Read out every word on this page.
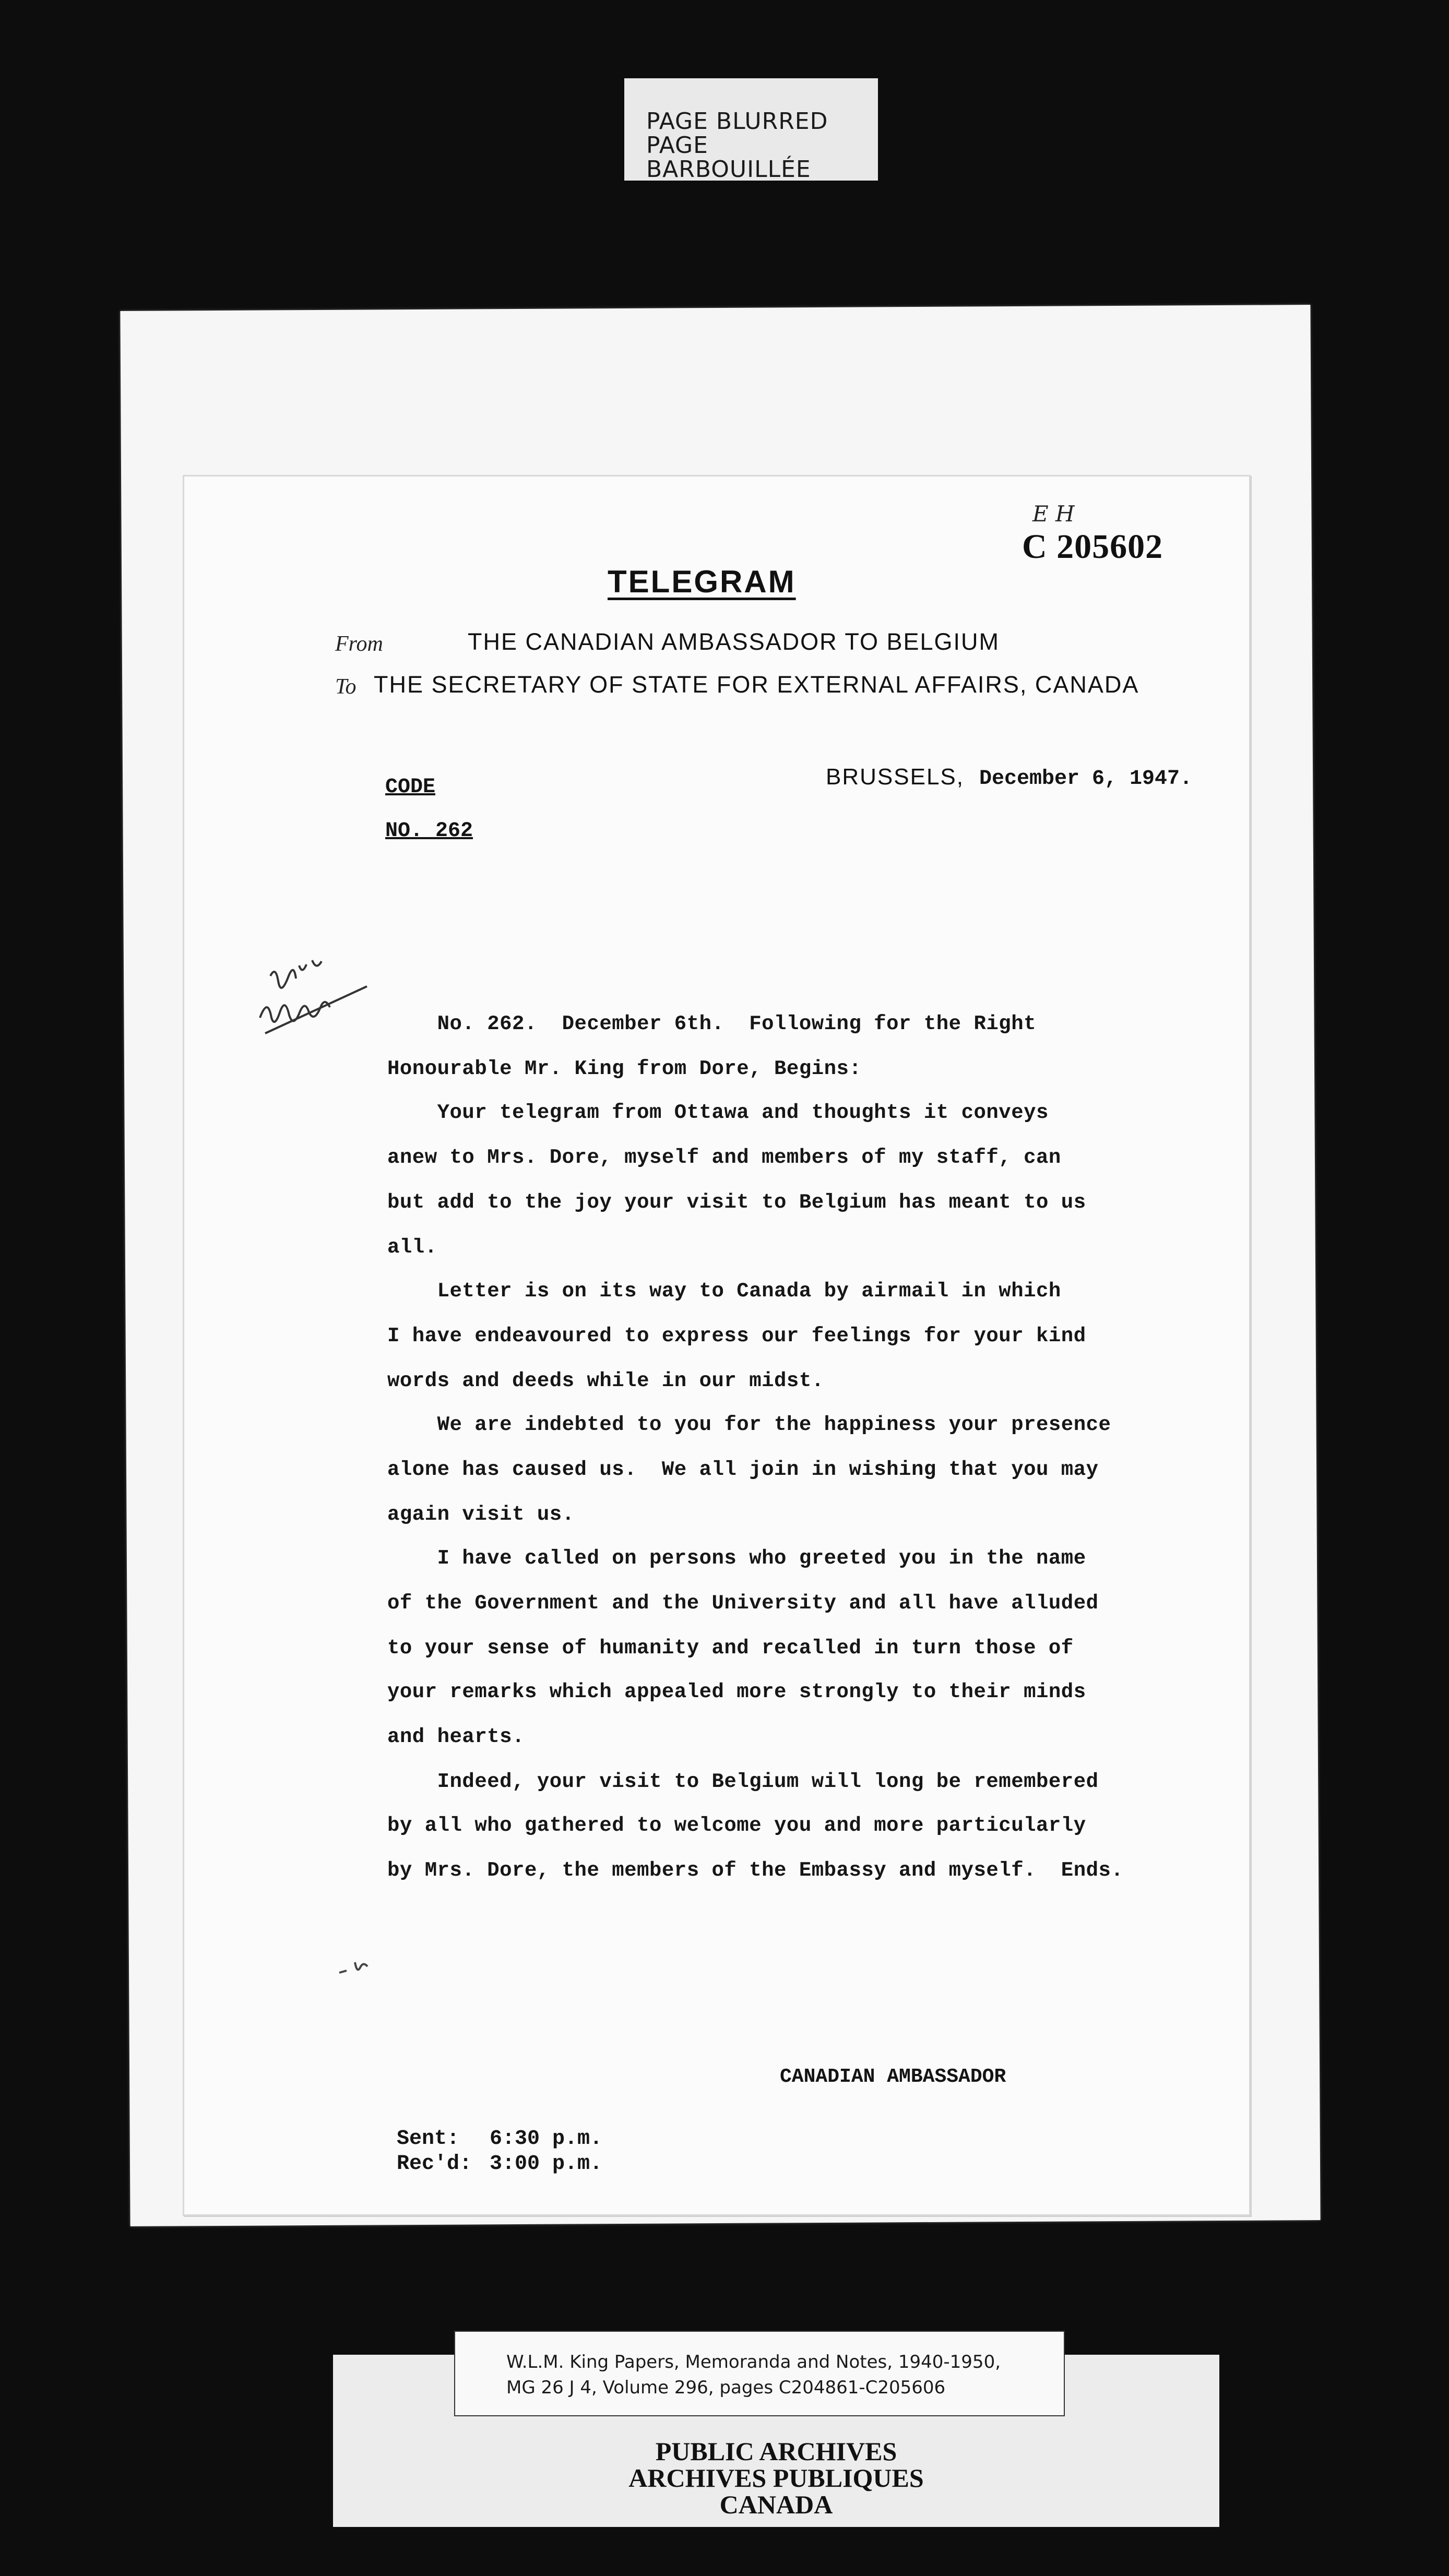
PAGE BLURRED
PAGE BARBOUILLÉE
E H
C 205602
TELEGRAM
From	THE CANADIAN AMBASSADOR TO BELGIUM
To THE SECRETARY OF STATE FOR EXTERNAL AFFAIRS, CANADA
BRUSSELS, December 6, 1947.
CODE
NO. 262
No. 262.  December 6th.  Following for the Right
Honourable Mr. King from Dore, Begins:
Your telegram from Ottawa and thoughts it conveys
anew to Mrs. Dore, myself and members of my staff, can
but add to the joy your visit to Belgium has meant to us
all.
Letter is on its way to Canada by airmail in which
I have endeavoured to express our feelings for your kind
words and deeds while in our midst.
We are indebted to you for the happiness your presence
alone has caused us.  We all join in wishing that you may
again visit us.
I have called on persons who greeted you in the name
of the Government and the University and all have alluded
to your sense of humanity and recalled in turn those of
your remarks which appealed more strongly to their minds
and hearts.
Indeed, your visit to Belgium will long be remembered
by all who gathered to welcome you and more particularly
by Mrs. Dore, the members of the Embassy and myself.  Ends.
CANADIAN AMBASSADOR
Sent: 6:30 p.m.
Rec'd: 3:00 p.m.
W.L.M. King Papers, Memoranda and Notes, 1940-1950,
MG 26 J 4, Volume 296, pages C204861-C205606
PUBLIC ARCHIVES
ARCHIVES PUBLIQUES
CANADA
